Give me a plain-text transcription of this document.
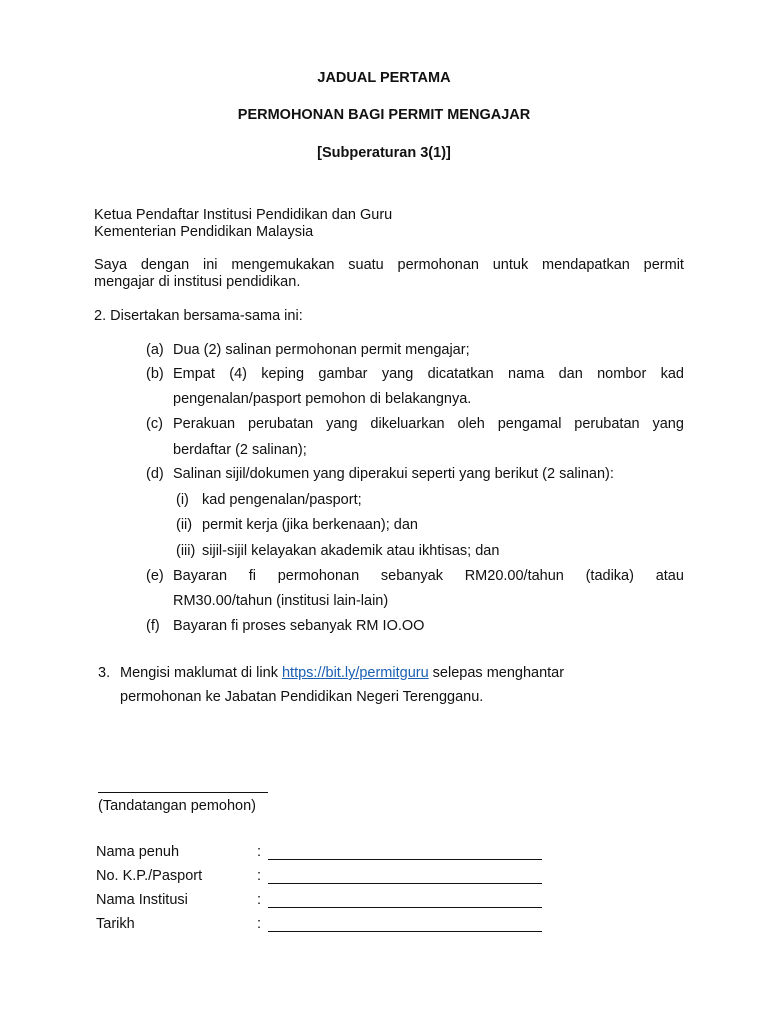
JADUAL PERTAMA
PERMOHONAN BAGI PERMIT MENGAJAR
[Subperaturan 3(1)]
Ketua Pendaftar Institusi Pendidikan dan Guru
Kementerian Pendidikan Malaysia
Saya dengan ini mengemukakan suatu permohonan untuk mendapatkan permit
mengajar di institusi pendidikan.
2. Disertakan bersama-sama ini:
(a) Dua (2) salinan permohonan permit mengajar;
(b) Empat (4) keping gambar yang dicatatkan nama dan nombor kad
pengenalan/pasport pemohon di belakangnya.
(c) Perakuan perubatan yang dikeluarkan oleh pengamal perubatan yang
berdaftar (2 salinan);
(d) Salinan sijil/dokumen yang diperakui seperti yang berikut (2 salinan):
(i) kad pengenalan/pasport;
(ii) permit kerja (jika berkenaan); dan
(iii) sijil-sijil kelayakan akademik atau ikhtisas; dan
(e) Bayaran fi permohonan sebanyak RM20.00/tahun (tadika) atau
RM30.00/tahun (institusi lain-lain)
(f) Bayaran fi proses sebanyak RM IO.OO
3. Mengisi maklumat di link https://bit.ly/permitguru selepas menghantar
permohonan ke Jabatan Pendidikan Negeri Terengganu.
(Tandatangan pemohon)
Nama penuh	:
No. K.P./Pasport	:
Nama Institusi	:
Tarikh	:
